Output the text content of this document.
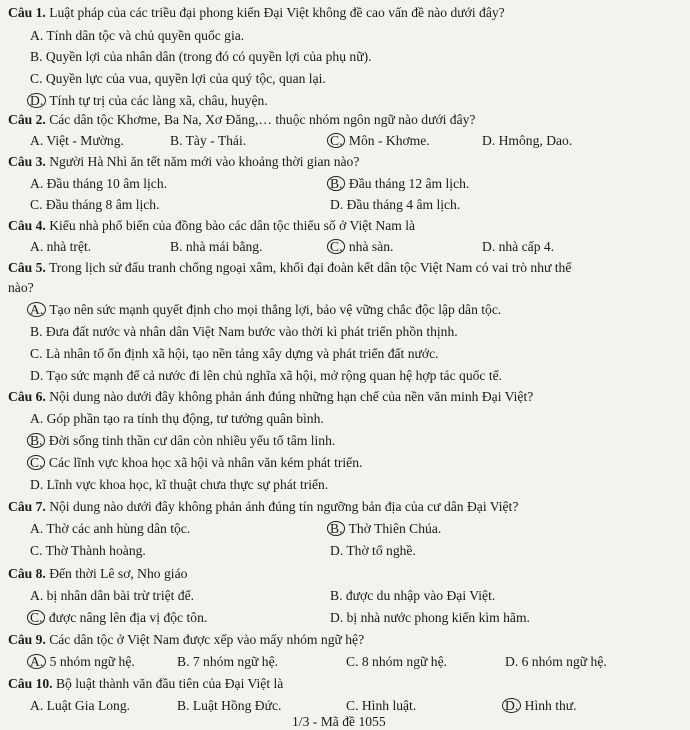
Câu 1. Luật pháp của các triều đại phong kiến Đại Việt không đề cao vấn đề nào dưới đây?
A. Tính dân tộc và chủ quyền quốc gia.
B. Quyền lợi của nhân dân (trong đó có quyền lợi của phụ nữ).
C. Quyền lực của vua, quyền lợi của quý tộc, quan lại.
D. Tính tự trị của các làng xã, châu, huyện.
Câu 2. Các dân tộc Khơme, Ba Na, Xơ Đăng,… thuộc nhóm ngôn ngữ nào dưới đây?
A. Việt - Mường.	B. Tày - Thái.	C. Môn - Khơme.	D. Hmông, Dao.
Câu 3. Người Hà Nhì ăn tết năm mới vào khoảng thời gian nào?
A. Đầu tháng 10 âm lịch.	B. Đầu tháng 12 âm lịch.
C. Đầu tháng 8 âm lịch.	D. Đầu tháng 4 âm lịch.
Câu 4. Kiểu nhà phổ biến của đồng bào các dân tộc thiểu số ở Việt Nam là
A. nhà trệt.	B. nhà mái bằng.	C. nhà sàn.	D. nhà cấp 4.
Câu 5. Trong lịch sử đấu tranh chống ngoại xâm, khối đại đoàn kết dân tộc Việt Nam có vai trò như thế
nào?
A. Tạo nên sức mạnh quyết định cho mọi thắng lợi, bảo vệ vững chắc độc lập dân tộc.
B. Đưa đất nước và nhân dân Việt Nam bước vào thời kì phát triển phồn thịnh.
C. Là nhân tố ổn định xã hội, tạo nền tảng xây dựng và phát triển đất nước.
D. Tạo sức mạnh để cả nước đi lên chủ nghĩa xã hội, mở rộng quan hệ hợp tác quốc tế.
Câu 6. Nội dung nào dưới đây không phản ánh đúng những hạn chế của nền văn minh Đại Việt?
A. Góp phần tạo ra tính thụ động, tư tưởng quân bình.
B. Đời sống tinh thần cư dân còn nhiều yếu tố tâm linh.
C. Các lĩnh vực khoa học xã hội và nhân văn kém phát triển.
D. Lĩnh vực khoa học, kĩ thuật chưa thực sự phát triển.
Câu 7. Nội dung nào dưới đây không phản ánh đúng tín ngưỡng bản địa của cư dân Đại Việt?
A. Thờ các anh hùng dân tộc.	B. Thờ Thiên Chúa.
C. Thờ Thành hoàng.	D. Thờ tổ nghề.
Câu 8. Đến thời Lê sơ, Nho giáo
A. bị nhân dân bài trừ triệt để.	B. được du nhập vào Đại Việt.
C. được nâng lên địa vị độc tôn.	D. bị nhà nước phong kiến kìm hãm.
Câu 9. Các dân tộc ở Việt Nam được xếp vào mấy nhóm ngữ hệ?
A. 5 nhóm ngữ hệ.	B. 7 nhóm ngữ hệ.	C. 8 nhóm ngữ hệ.	D. 6 nhóm ngữ hệ.
Câu 10. Bộ luật thành văn đầu tiên của Đại Việt là
A. Luật Gia Long.	B. Luật Hồng Đức.	C. Hình luật.	D. Hình thư.
1/3 - Mã đề 1055
